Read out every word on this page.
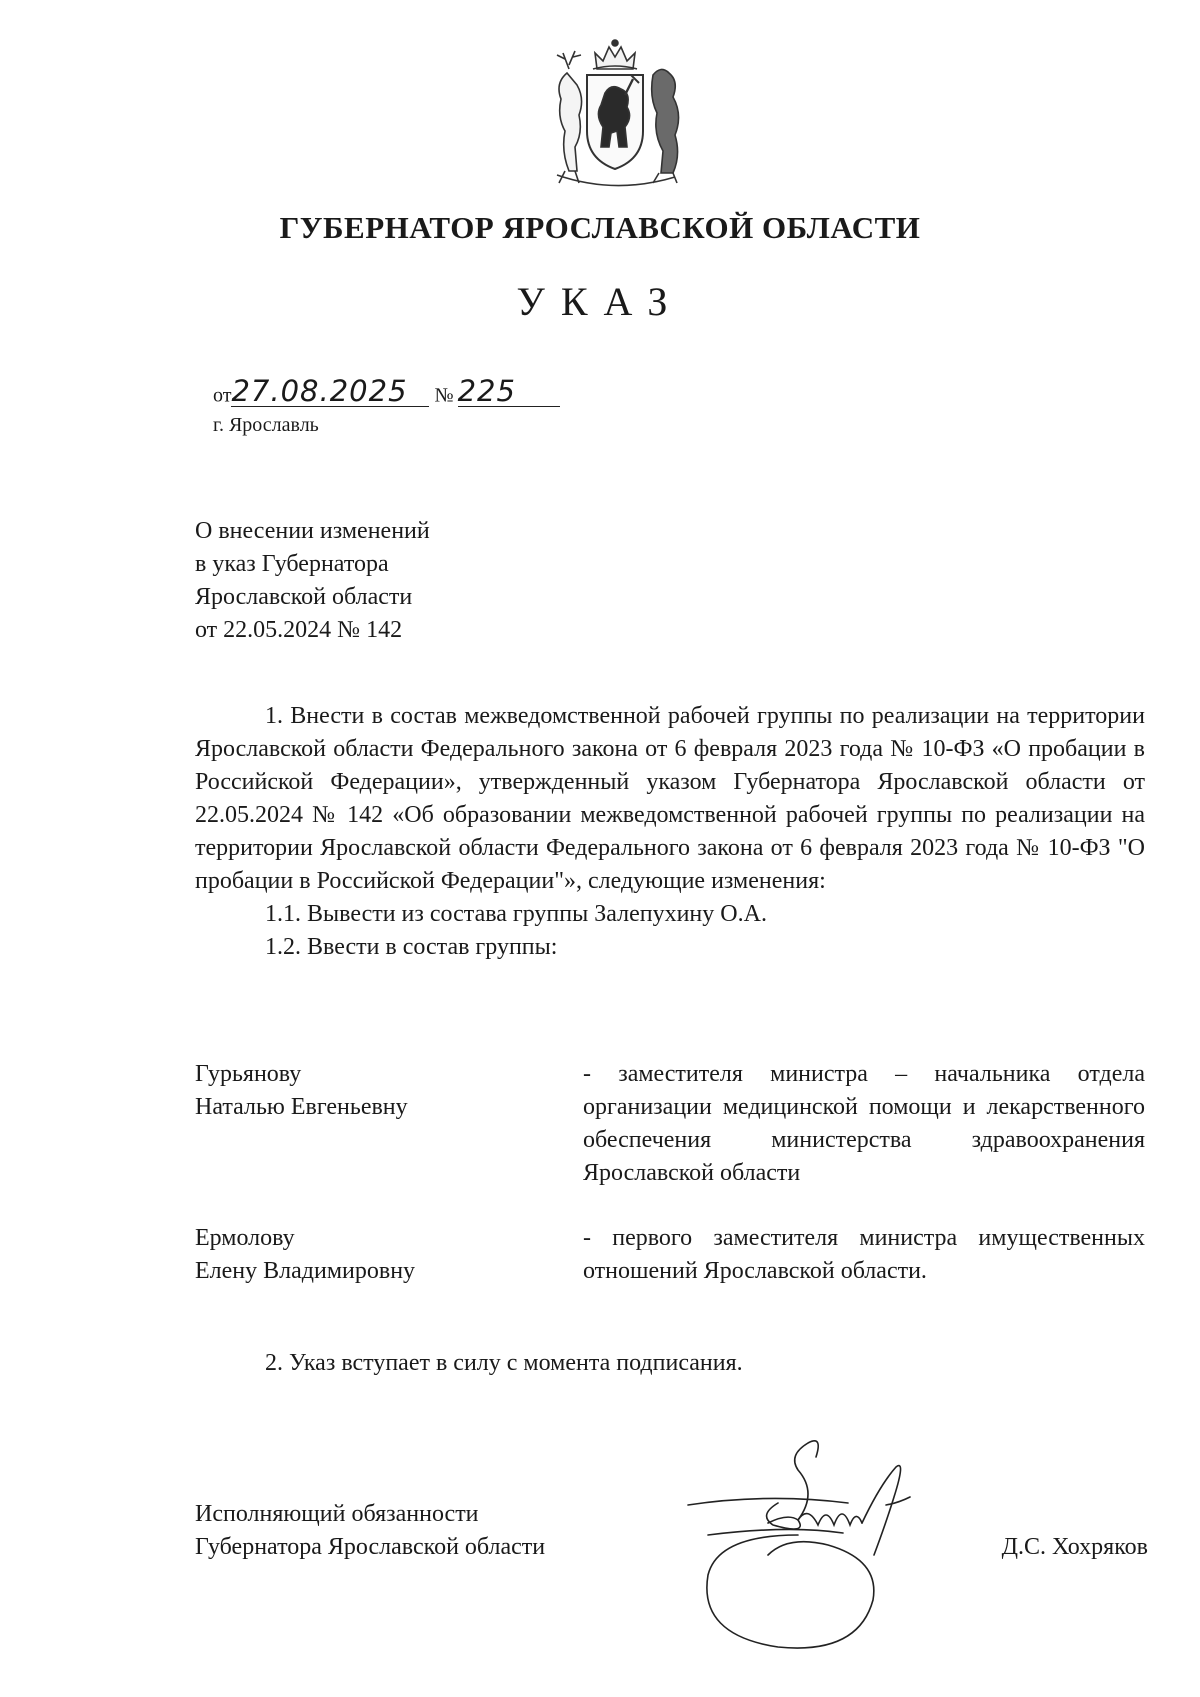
ГУБЕРНАТОР ЯРОСЛАВСКОЙ ОБЛАСТИ
УКАЗ
от27.08.2025 № 225
г. Ярославль
О внесении изменений
в указ Губернатора
Ярославской области
от 22.05.2024 № 142

1. Внести в состав межведомственной рабочей группы по реализации на территории Ярославской области Федерального закона от 6 февраля 2023 года № 10-ФЗ «О пробации в Российской Федерации», утвержденный указом Губернатора Ярославской области от 22.05.2024 № 142 «Об образовании межведомственной рабочей группы по реализации на территории Ярославской области Федерального закона от 6 февраля 2023 года № 10-ФЗ "О пробации в Российской Федерации"», следующие изменения:

1.1. Вывести из состава группы Залепухину О.А.

1.2. Ввести в состав группы:

Гурьянову
Наталью Евгеньевну
- заместителя министра – начальника отдела организации медицинской помощи и лекарственного обеспечения министерства здравоохранения Ярославской области
Ермолову
Елену Владимировну
- первого заместителя министра имущественных отношений Ярославской области.
2. Указ вступает в силу с момента подписания.
Исполняющий обязанности
Губернатора Ярославской области	Д.С. Хохряков
